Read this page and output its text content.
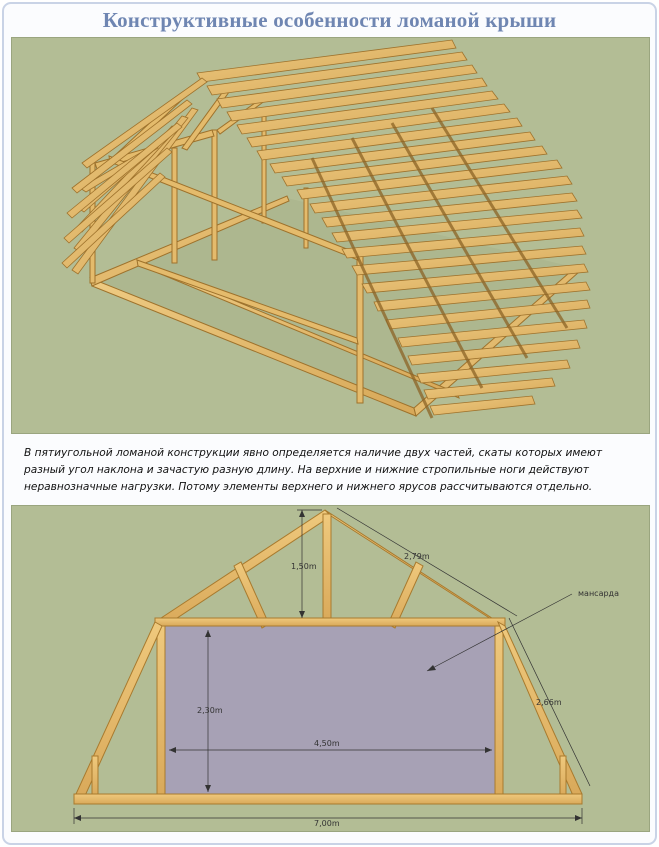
Конструктивные особенности ломаной крыши
В пятиугольной ломаной конструкции явно определяется наличие двух частей, скаты которых имеют
разный угол наклона и зачастую разную длину. На верхние и нижние стропильные ноги действуют
неравнозначные нагрузки. Потому элементы верхнего и нижнего ярусов рассчитываются отдельно.
1,50m
2,79m
мансарда
2,66m
2,30m
4,50m
7,00m
